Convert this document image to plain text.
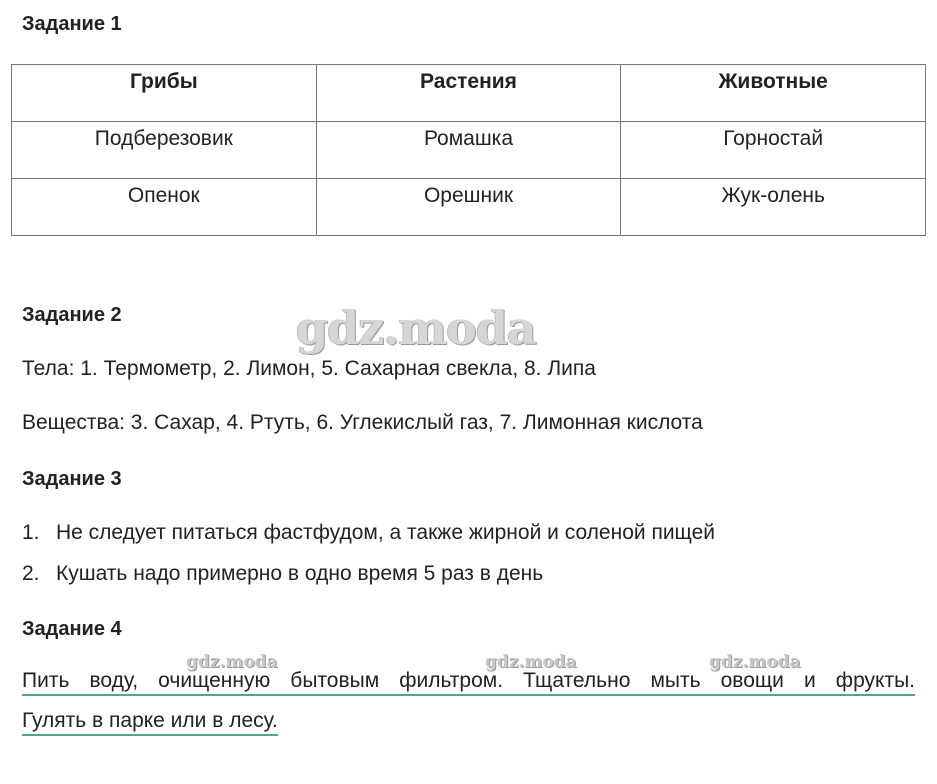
Задание 1
Грибы	Растения	Животные
Подберезовик	Ромашка	Горностай
Опенок	Орешник	Жук-олень
gdz.moda
Задание 2
Тела: 1. Термометр, 2. Лимон, 5. Сахарная свекла, 8. Липа
Вещества: 3. Сахар, 4. Ртуть, 6. Углекислый газ, 7. Лимонная кислота
Задание 3
1. Не следует питаться фастфудом, а также жирной и соленой пищей
2. Кушать надо примерно в одно время 5 раз в день
Задание 4
gdz.moda	gdz.moda	gdz.moda
Пить воду, очищенную бытовым фильтром. Тщательно мыть овощи и фрукты.
Гулять в парке или в лесу.
